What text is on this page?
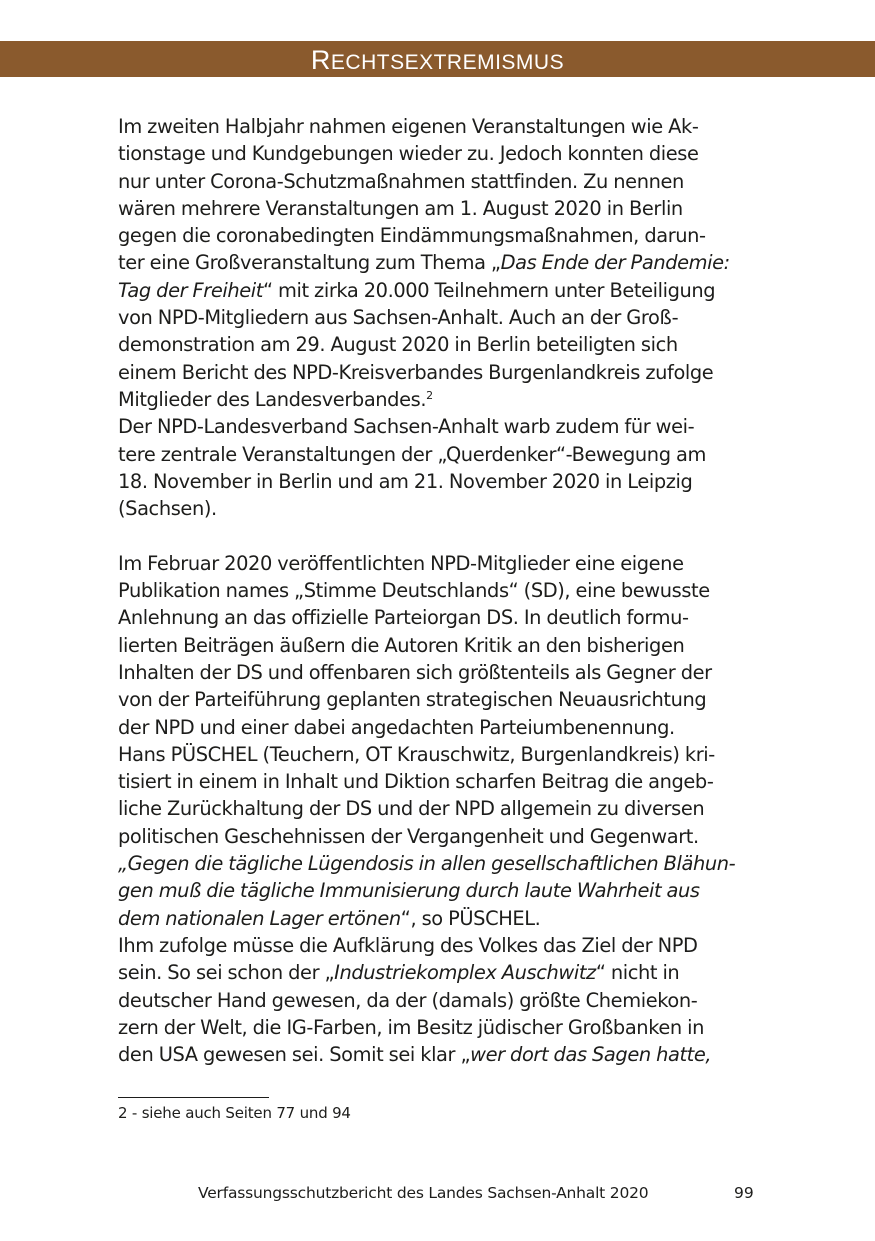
RECHTSEXTREMISMUS
Im zweiten Halbjahr nahmen eigenen Veranstaltungen wie Ak-
tionstage und Kundgebungen wieder zu. Jedoch konnten diese
nur unter Corona-Schutzmaßnahmen stattfinden. Zu nennen
wären mehrere Veranstaltungen am 1. August 2020 in Berlin
gegen die coronabedingten Eindämmungsmaßnahmen, darun-
ter eine Großveranstaltung zum Thema „Das Ende der Pandemie:
Tag der Freiheit“ mit zirka 20.000 Teilnehmern unter Beteiligung
von NPD-Mitgliedern aus Sachsen-Anhalt. Auch an der Groß-
demonstration am 29. August 2020 in Berlin beteiligten sich
einem Bericht des NPD-Kreisverbandes Burgenlandkreis zufolge
Mitglieder des Landesverbandes.$^2$
Der NPD-Landesverband Sachsen-Anhalt warb zudem für wei-
tere zentrale Veranstaltungen der „Querdenker“-Bewegung am
18. November in Berlin und am 21. November 2020 in Leipzig
(Sachsen).
Im Februar 2020 veröffentlichten NPD-Mitglieder eine eigene
Publikation names „Stimme Deutschlands“ (SD), eine bewusste
Anlehnung an das offizielle Parteiorgan DS. In deutlich formu-
lierten Beiträgen äußern die Autoren Kritik an den bisherigen
Inhalten der DS und offenbaren sich größtenteils als Gegner der
von der Parteiführung geplanten strategischen Neuausrichtung
der NPD und einer dabei angedachten Parteiumbenennung.
Hans PÜSCHEL (Teuchern, OT Krauschwitz, Burgenlandkreis) kri-
tisiert in einem in Inhalt und Diktion scharfen Beitrag die angeb-
liche Zurückhaltung der DS und der NPD allgemein zu diversen
politischen Geschehnissen der Vergangenheit und Gegenwart.
„Gegen die tägliche Lügendosis in allen gesellschaftlichen Blähun-
gen muß die tägliche Immunisierung durch laute Wahrheit aus
dem nationalen Lager ertönen“, so PÜSCHEL.
Ihm zufolge müsse die Aufklärung des Volkes das Ziel der NPD
sein. So sei schon der „Industriekomplex Auschwitz“ nicht in
deutscher Hand gewesen, da der (damals) größte Chemiekon-
zern der Welt, die IG-Farben, im Besitz jüdischer Großbanken in
den USA gewesen sei. Somit sei klar „wer dort das Sagen hatte,
2 - siehe auch Seiten 77 und 94
Verfassungsschutzbericht des Landes Sachsen-Anhalt 2020	99
